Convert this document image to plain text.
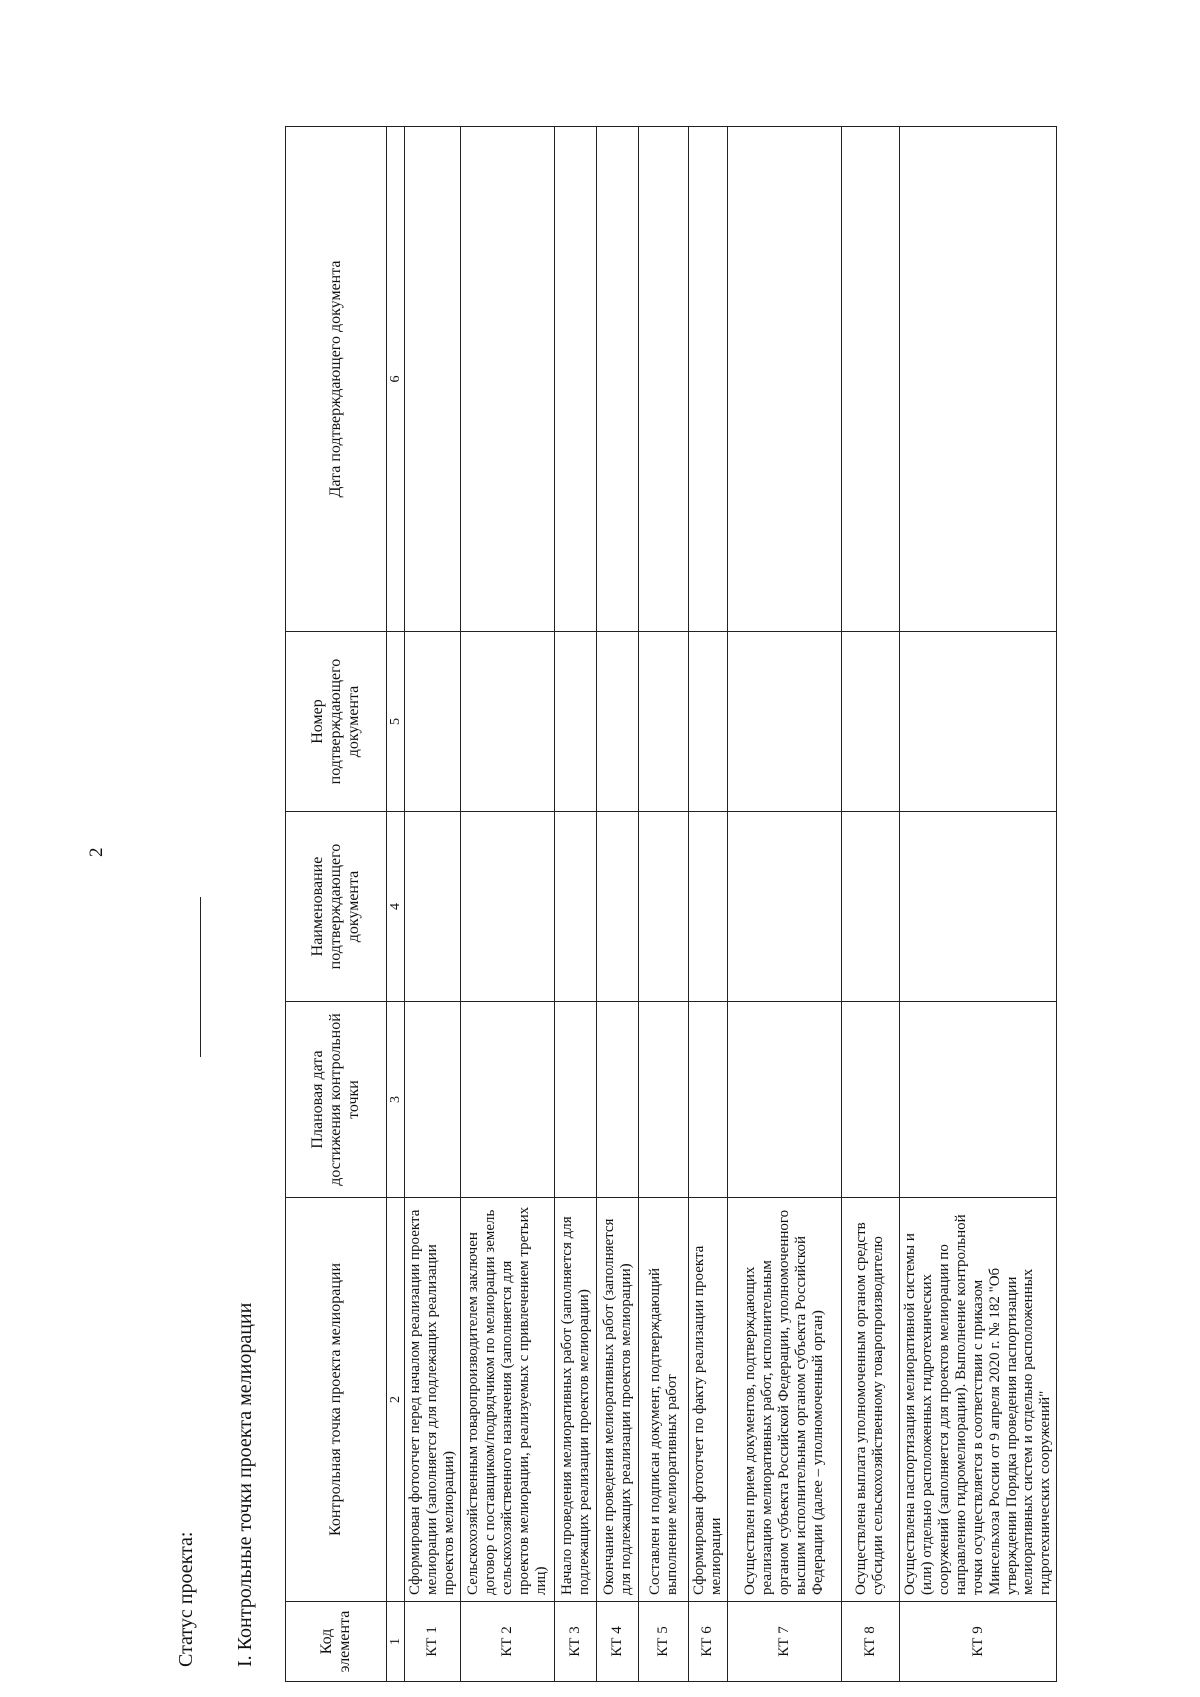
2
Статус проекта: I. Контрольные точки проекта мелиорации	Код элемента	Контрольная точка проекта мелиорации	Плановая дата достижения контрольной точки	Наименование подтверждающего документа	Номер подтверждающего документа	Дата подтверждающего документа
1	2	3	4	5	6
КТ 1	Сформирован фотоотчет перед началом реализации проекта мелиорации (заполняется для подлежащих реализации проектов мелиорации)				
КТ 2	Сельскохозяйственным товаропроизводителем заключен договор с поставщиком/подрядчиком по мелиорации земель сельскохозяйственного назначения (заполняется для проектов мелиорации, реализуемых с привлечением третьих лиц)				
КТ 3	Начало проведения мелиоративных работ (заполняется для подлежащих реализации проектов мелиорации)				
КТ 4	Окончание проведения мелиоративных работ (заполняется для подлежащих реализации проектов мелиорации)				
КТ 5	Составлен и подписан документ, подтверждающий выполнение мелиоративных работ				
КТ 6	Сформирован фотоотчет по факту реализации проекта мелиорации				
КТ 7	Осуществлен прием документов, подтверждающих реализацию мелиоративных работ, исполнительным органом субъекта Российской Федерации, уполномоченного высшим исполнительным органом субъекта Российской Федерации (далее – уполномоченный орган)				
КТ 8	Осуществлена выплата уполномоченным органом средств субсидии сельскохозяйственному товаропроизводителю				
КТ 9	Осуществлена паспортизация мелиоративной системы и (или) отдельно расположенных гидротехнических сооружений (заполняется для проектов мелиорации по направлению гидромелиорации). Выполнение контрольной точки осуществляется в соответствии с приказом Минсельхоза России от 9 апреля 2020 г. № 182 "Об утверждении Порядка проведения паспортизации мелиоративных систем и отдельно расположенных гидротехнических сооружений"				
